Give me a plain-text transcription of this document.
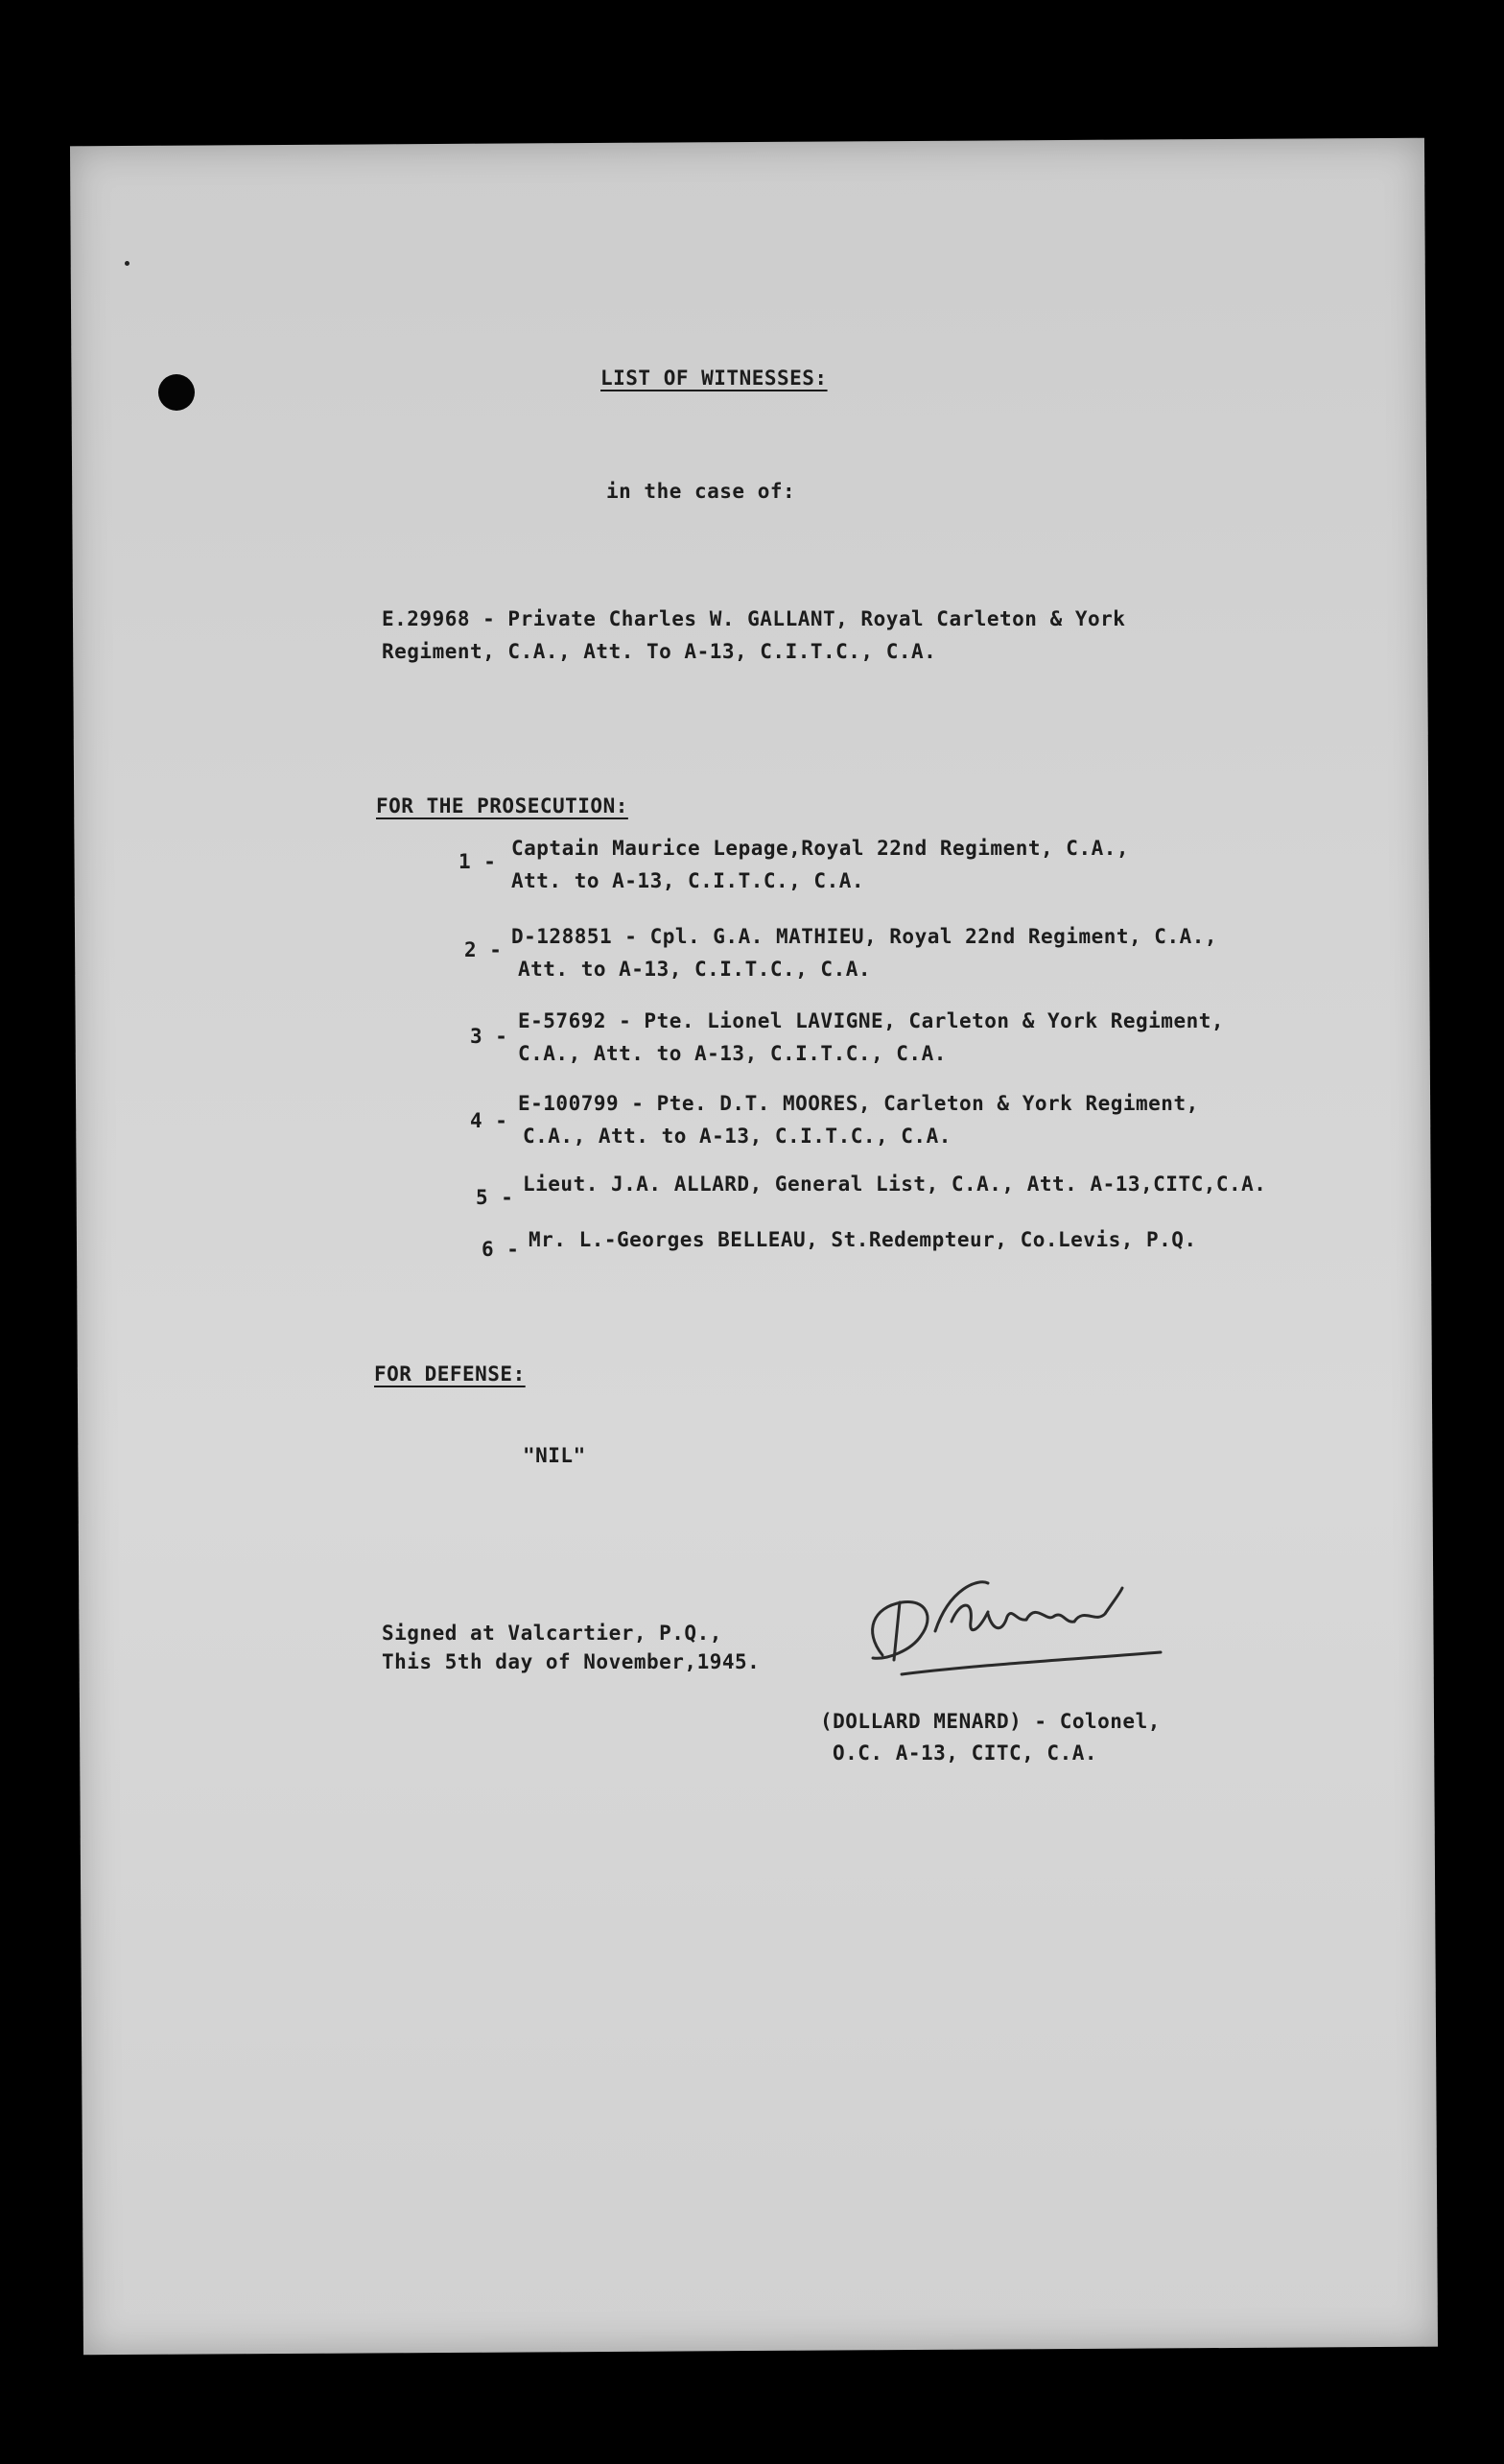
LIST OF WITNESSES:
in the case of:
E.29968 - Private Charles W. GALLANT, Royal Carleton & York
Regiment, C.A., Att. To A-13, C.I.T.C., C.A.
FOR THE PROSECUTION:
1 -
Captain Maurice Lepage,Royal 22nd Regiment, C.A.,
Att. to A-13, C.I.T.C., C.A.
2 -
D-128851 - Cpl. G.A. MATHIEU, Royal 22nd Regiment, C.A.,
Att. to A-13, C.I.T.C., C.A.
3 -
E-57692 - Pte. Lionel LAVIGNE, Carleton & York Regiment,
C.A., Att. to A-13, C.I.T.C., C.A.
4 -
E-100799 - Pte. D.T. MOORES, Carleton & York Regiment,
C.A., Att. to A-13, C.I.T.C., C.A.
5 -
Lieut. J.A. ALLARD, General List, C.A., Att. A-13,CITC,C.A.
6 - Mr. L.-Georges BELLEAU, St.Redempteur, Co.Levis, P.Q.
FOR DEFENSE:
"NIL"
Signed at Valcartier, P.Q.,
This 5th day of November,1945.
(DOLLARD MENARD) - Colonel,
O.C. A-13, CITC, C.A.
